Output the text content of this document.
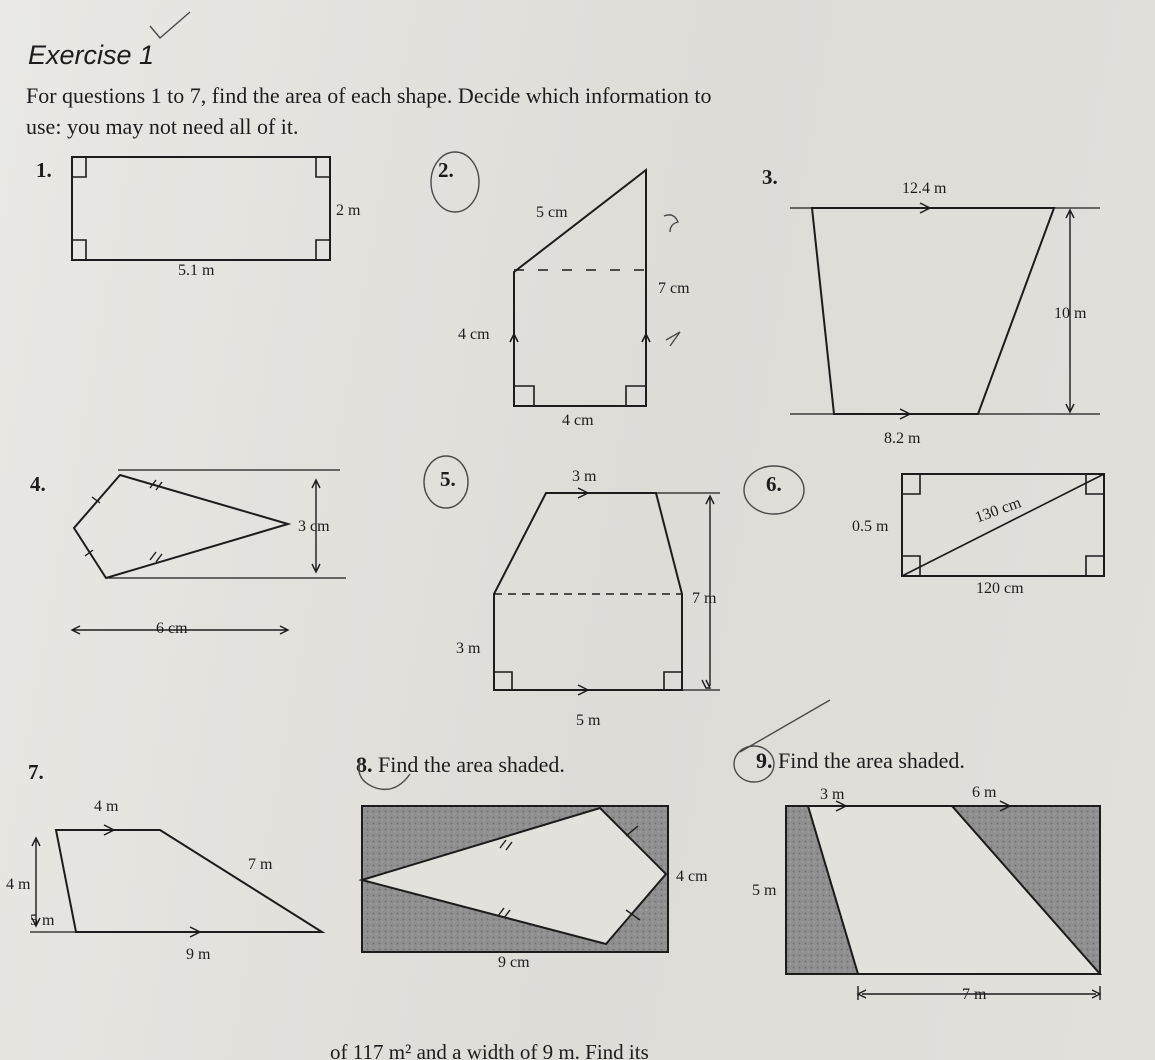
Exercise 1
For questions 1 to 7, find the area of each shape. Decide which information to use: you may not need all of it.
1.	2.	3.
4.	5.	6.
7.	8. Find the area shaded.	9. Find the area shaded.
5.1 m
2 m	5 cm
7 cm
4 cm
4 cm
12.4 m
8.2 m
10 m
3 cm
6 cm
3 m
7 m
3 m
5 m
0.5 m	130 cm
120 cm
4 m
4 m
5 m
7 m
9 m
4 cm
9 cm
3 m	6 m
5 m
7 m
of 117 m² and a width of 9 m. Find its
